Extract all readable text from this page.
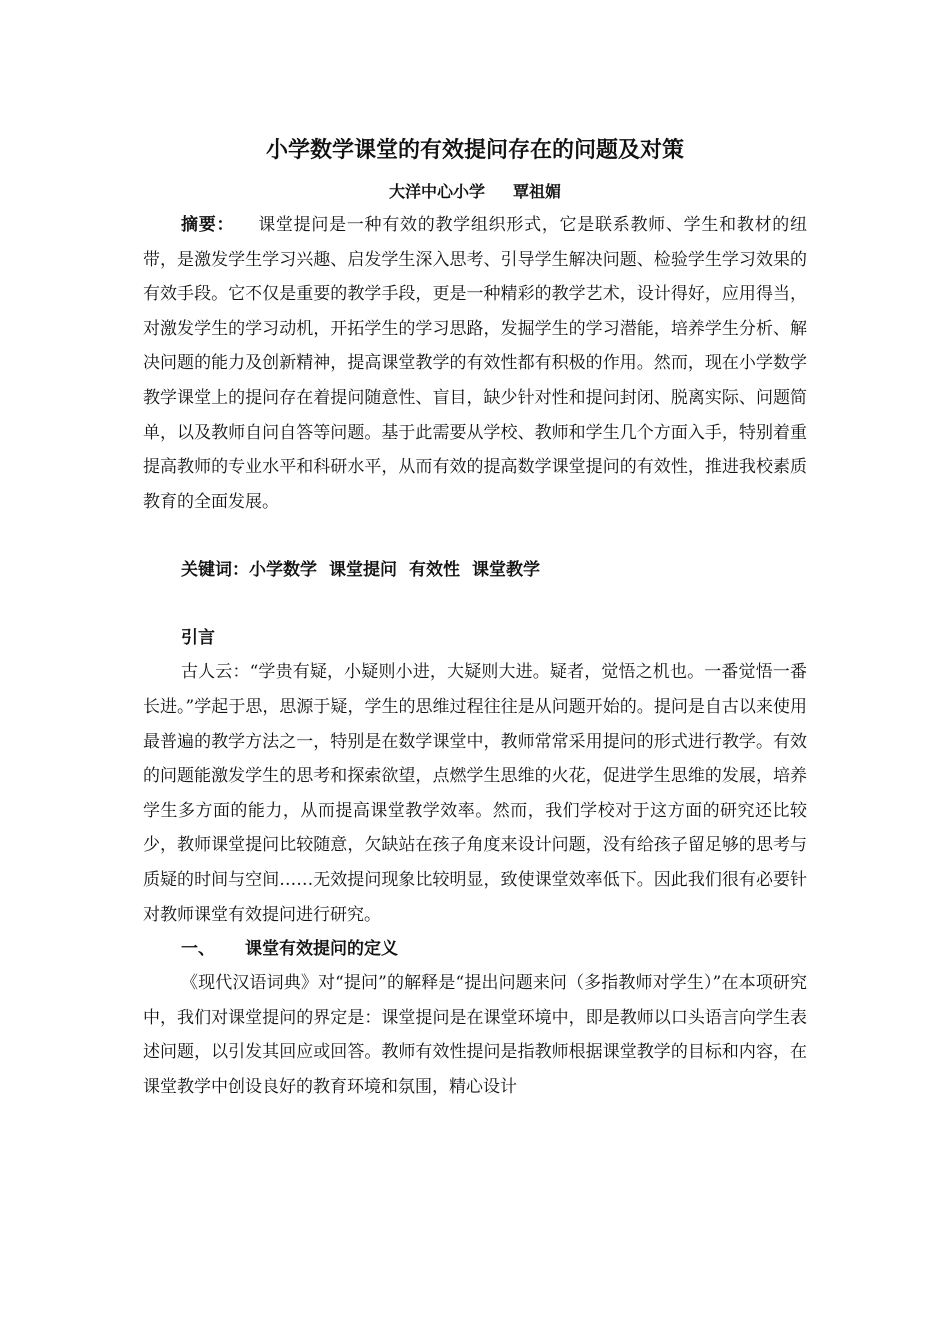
小学数学课堂的有效提问存在的问题及对策
大洋中心小学 覃祖媚

摘要： 课堂提问是一种有效的教学组织形式，它是联系教师、学生和教材的纽带，是激发学生学习兴趣、启发学生深入思考、引导学生解决问题、检验学生学习效果的有效手段。它不仅是重要的教学手段，更是一种精彩的教学艺术，设计得好，应用得当，对激发学生的学习动机，开拓学生的学习思路，发掘学生的学习潜能，培养学生分析、解决问题的能力及创新精神，提高课堂教学的有效性都有积极的作用。然而，现在小学数学教学课堂上的提问存在着提问随意性、盲目，缺少针对性和提问封闭、脱离实际、问题简单，以及教师自问自答等问题。基于此需要从学校、教师和学生几个方面入手，特别着重提高教师的专业水平和科研水平，从而有效的提高数学课堂提问的有效性，推进我校素质教育的全面发展。

关键词：小学数学 课堂提问 有效性 课堂教学
引言

古人云：“学贵有疑，小疑则小进，大疑则大进。疑者，觉悟之机也。一番觉悟一番长进。”学起于思，思源于疑，学生的思维过程往往是从问题开始的。提问是自古以来使用最普遍的教学方法之一，特别是在数学课堂中，教师常常采用提问的形式进行教学。有效的问题能激发学生的思考和探索欲望，点燃学生思维的火花，促进学生思维的发展，培养学生多方面的能力，从而提高课堂教学效率。然而，我们学校对于这方面的研究还比较少，教师课堂提问比较随意，欠缺站在孩子角度来设计问题，没有给孩子留足够的思考与质疑的时间与空间……无效提问现象比较明显，致使课堂效率低下。因此我们很有必要针对教师课堂有效提问进行研究。

一、 课堂有效提问的定义

《现代汉语词典》对“提问”的解释是“提出问题来问（多指教师对学生）”在本项研究中，我们对课堂提问的界定是：课堂提问是在课堂环境中，即是教师以口头语言向学生表述问题，以引发其回应或回答。教师有效性提问是指教师根据课堂教学的目标和内容，在课堂教学中创设良好的教育环境和氛围，精心设计
